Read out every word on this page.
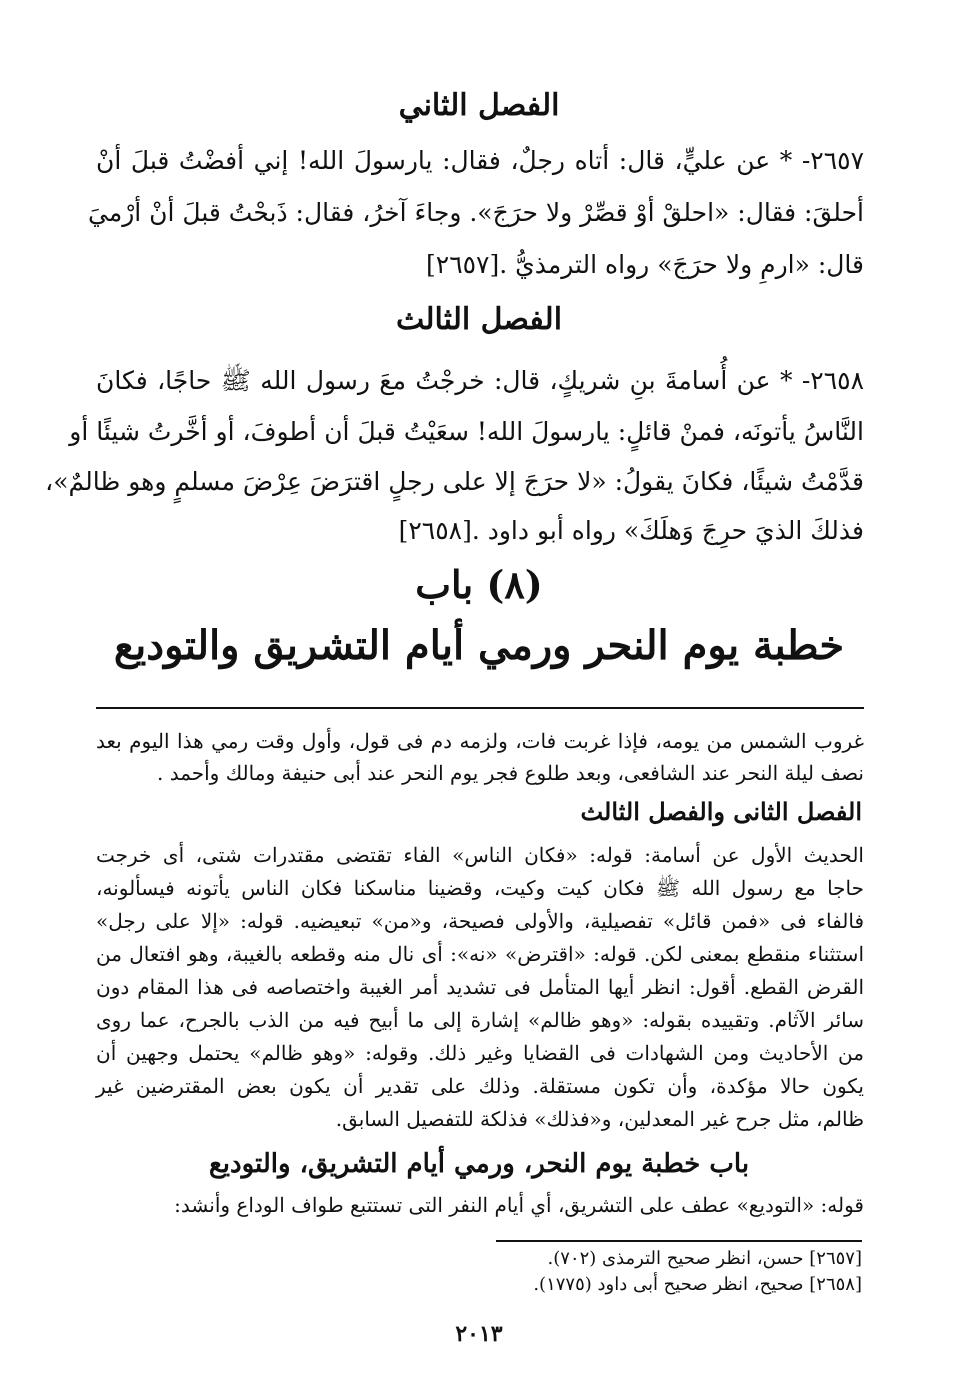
الفصل الثاني
٢٦٥٧- * عن عليٍّ، قال: أتاه رجلٌ، فقال: يارسولَ الله! إني أفضْتُ قبلَ أنْ
أحلقَ: فقال: «احلقْ أوْ قصِّرْ ولا حرَجَ». وجاءَ آخرُ، فقال: ذَبحْتُ قبلَ أنْ أرْميَ
قال: «ارمِ ولا حرَجَ» رواه الترمذيُّ .[٢٦٥٧]
الفصل الثالث
٢٦٥٨- * عن أُسامةَ بنِ شريكٍ، قال: خرجْتُ معَ رسول الله ﷺ حاجًا، فكانَ
النَّاسُ يأتونَه، فمنْ قائلٍ: يارسولَ الله! سعَيْتُ قبلَ أن أطوفَ، أو أخَّرتُ شيئًا أو
قدَّمْتُ شيئًا، فكانَ يقولُ: «لا حرَجَ إلا على رجلٍ اقترَضَ عِرْضَ مسلمٍ وهو ظالمٌ»،
فذلكَ الذيَ حرِجَ وَهلَكَ» رواه أبو داود .[٢٦٥٨]
(٨) باب
خطبة يوم النحر ورمي أيام التشريق والتوديع
غروب الشمس من يومه، فإذا غربت فات، ولزمه دم فى قول، وأول وقت رمي هذا اليوم بعد
نصف ليلة النحر عند الشافعى، وبعد طلوع فجر يوم النحر عند أبى حنيفة ومالك وأحمد .
الفصل الثانى والفصل الثالث
الحديث الأول عن أسامة: قوله: «فكان الناس» الفاء تقتضى مقتدرات شتى، أى خرجت
حاجا مع رسول الله ﷺ فكان كيت وكيت، وقضينا مناسكنا فكان الناس يأتونه فيسألونه،
فالفاء فى «فمن قائل» تفصيلية، والأولى فصيحة، و«من» تبعيضيه. قوله: «إلا على رجل»
استثناء منقطع بمعنى لكن. قوله: «اقترض» «نه»: أى نال منه وقطعه بالغيبة، وهو افتعال من
القرض القطع. أقول: انظر أيها المتأمل فى تشديد أمر الغيبة واختصاصه فى هذا المقام دون
سائر الآثام. وتقييده بقوله: «وهو ظالم» إشارة إلى ما أبيح فيه من الذب بالجرح، عما روى
من الأحاديث ومن الشهادات فى القضايا وغير ذلك. وقوله: «وهو ظالم» يحتمل وجهين أن
يكون حالا مؤكدة، وأن تكون مستقلة. وذلك على تقدير أن يكون بعض المقترضين غير
ظالم، مثل جرح غير المعدلين، و«فذلك» فذلكة للتفصيل السابق.
باب خطبة يوم النحر، ورمي أيام التشريق، والتوديع
قوله: «التوديع» عطف على التشريق، أي أيام النفر التى تستتبع طواف الوداع وأنشد:
[٢٦٥٧] حسن، انظر صحيح الترمذى (٧٠٢).
[٢٦٥٨] صحيح، انظر صحيح أبى داود (١٧٧٥).
٢٠١٣
